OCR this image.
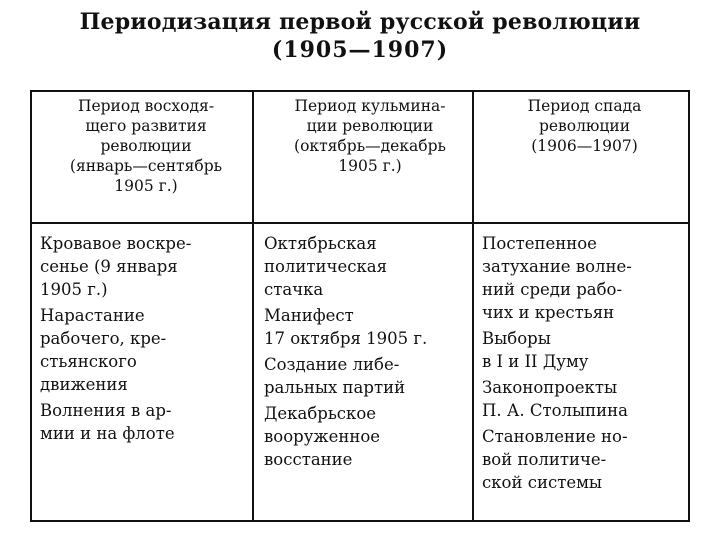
Периодизация первой русской революции
(1905—1907)
Период восходя-
щего развития
революции
(январь—сентябрь
1905 г.)
Период кульмина-
ции революции
(октябрь—декабрь
1905 г.)
Период спада
революции
(1906—1907)
Кровавое воскре-
сенье (9 января
1905 г.)
Нарастание
рабочего, кре-
стьянского
движения
Волнения в ар-
мии и на флоте
Октябрьская
политическая
стачка
Манифест
17 октября 1905 г.
Создание либе-
ральных партий
Декабрьское
вооруженное
восстание
Постепенное
затухание волне-
ний среди рабо-
чих и крестьян
Выборы
в I и II Думу
Законопроекты
П. А. Столыпина
Становление но-
вой политиче-
ской системы
